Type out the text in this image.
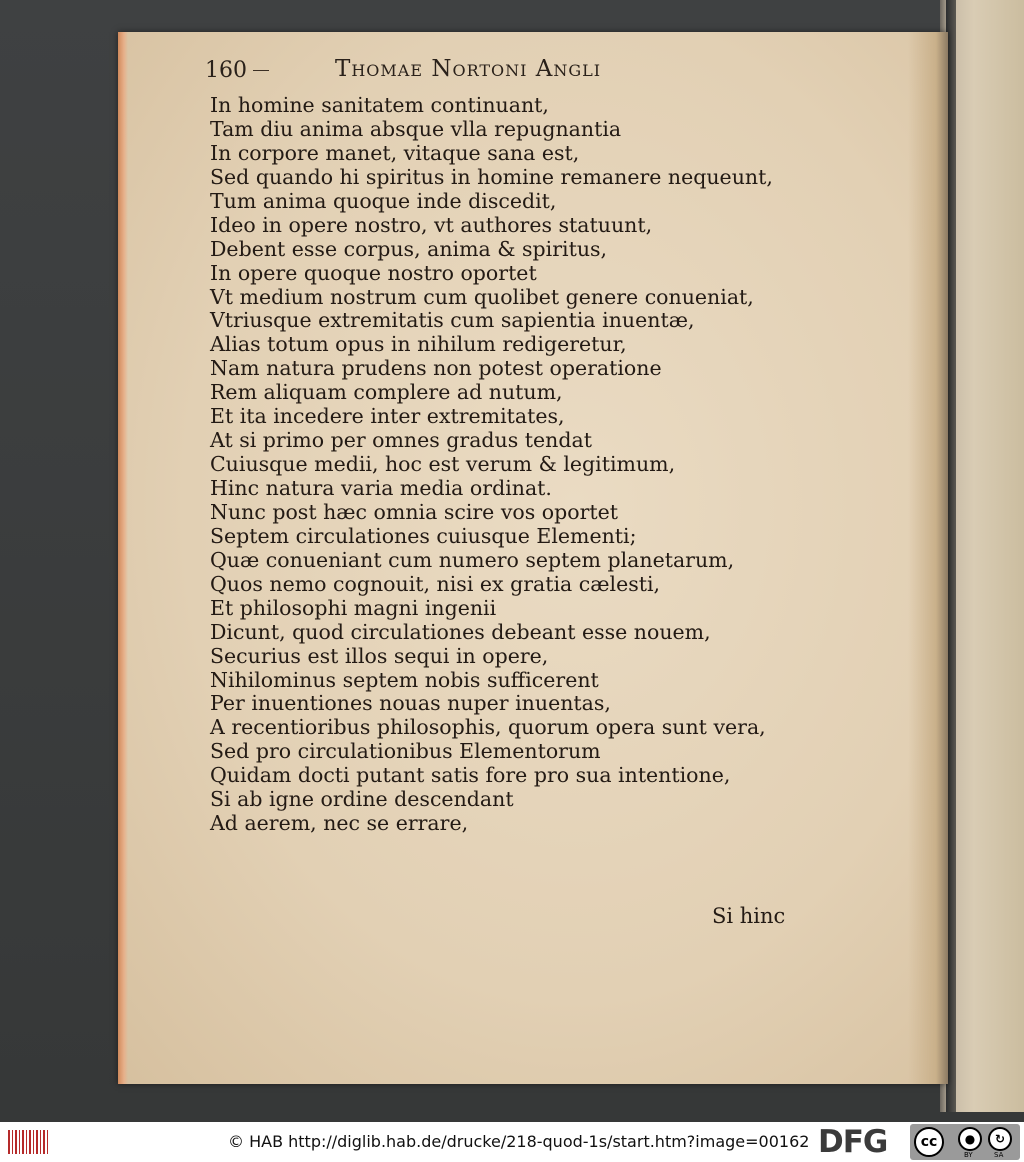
160	Thomae Nortoni Angli
In homine sanitatem continuant,
Tam diu anima absque vlla repugnantia
In corpore manet, vitaque sana est,
Sed quando hi spiritus in homine remanere nequeunt,
Tum anima quoque inde discedit,
Ideo in opere nostro, vt authores statuunt,
Debent esse corpus, anima & spiritus,
In opere quoque nostro oportet
Vt medium nostrum cum quolibet genere conueniat,
Vtriusque extremitatis cum sapientia inuentæ,
Alias totum opus in nihilum redigeretur,
Nam natura prudens non potest operatione
Rem aliquam complere ad nutum,
Et ita incedere inter extremitates,
At si primo per omnes gradus tendat
Cuiusque medii, hoc est verum & legitimum,
Hinc natura varia media ordinat.
Nunc post hæc omnia scire vos oportet
Septem circulationes cuiusque Elementi;
Quæ conueniant cum numero septem planetarum,
Quos nemo cognouit, nisi ex gratia cælesti,
Et philosophi magni ingenii
Dicunt, quod circulationes debeant esse nouem,
Securius est illos sequi in opere,
Nihilominus septem nobis sufficerent
Per inuentiones nouas nuper inuentas,
A recentioribus philosophis, quorum opera sunt vera,
Sed pro circulationibus Elementorum
Quidam docti putant satis fore pro sua intentione,
Si ab igne ordine descendant
Ad aerem, nec se errare,
Si hinc
© HAB http://diglib.hab.de/drucke/218-quod-1s/start.htm?image=00162 DFG	cc	●	↻
BY	SA
